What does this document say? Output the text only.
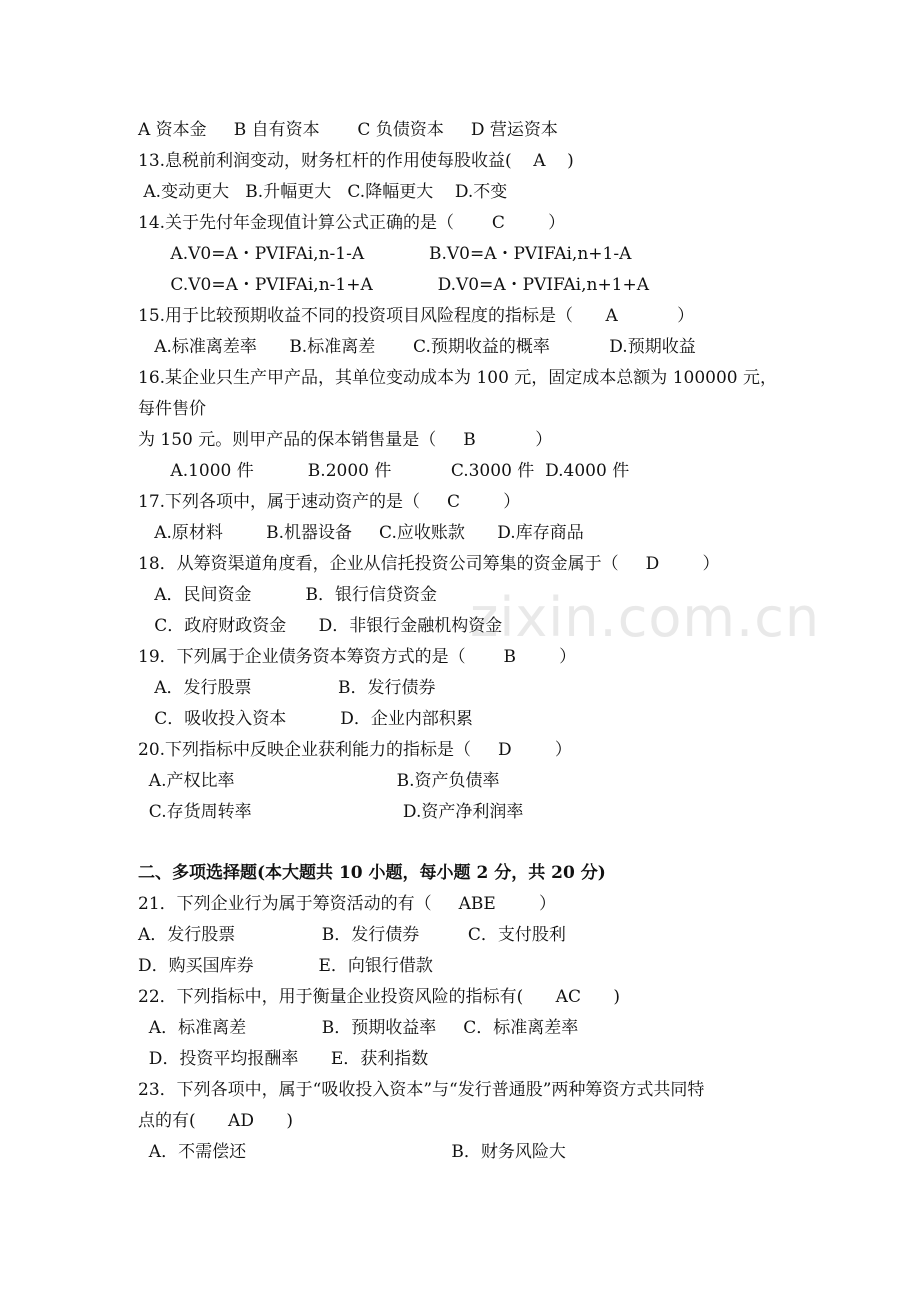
zixin.com.cn
A 资本金     B 自有资本       C 负债资本     D 营运资本
13.息税前利润变动，财务杠杆的作用使每股收益(    A    )
A.变动更大   B.升幅更大   C.降幅更大    D.不变
14.关于先付年金现值计算公式正确的是（       C        ）
A.V0=A・PVIFAi,n-1-A            B.V0=A・PVIFAi,n+1-A
C.V0=A・PVIFAi,n-1+A            D.V0=A・PVIFAi,n+1+A
15.用于比较预期收益不同的投资项目风险程度的指标是（      A           ）
A.标准离差率      B.标准离差       C.预期收益的概率           D.预期收益
16.某企业只生产甲产品，其单位变动成本为 100 元，固定成本总额为 100000 元，
每件售价
为 150 元。则甲产品的保本销售量是（     B           ）
A.1000 件          B.2000 件           C.3000 件  D.4000 件
17.下列各项中，属于速动资产的是（     C        ）
A.原材料        B.机器设备     C.应收账款      D.库存商品
18．从筹资渠道角度看，企业从信托投资公司筹集的资金属于（     D        ）
A．民间资金          B．银行信贷资金
C．政府财政资金      D．非银行金融机构资金
19．下列属于企业债务资本筹资方式的是（       B        ）
A．发行股票                B．发行债券
C．吸收投入资本          D．企业内部积累
20.下列指标中反映企业获利能力的指标是（     D        ）
A.产权比率                              B.资产负债率
C.存货周转率                            D.资产净利润率
二、多项选择题(本大题共 10 小题，每小题 2 分，共 20 分)
21．下列企业行为属于筹资活动的有（     ABE        ）
A．发行股票                B．发行债券         C．支付股利
D．购买国库券            E．向银行借款
22．下列指标中，用于衡量企业投资风险的指标有(      AC      )
A．标准离差              B．预期收益率     C．标准离差率
D．投资平均报酬率      E．获利指数
23．下列各项中，属于“吸收投入资本”与“发行普通股”两种筹资方式共同特
点的有(      AD      )
A．不需偿还                                      B．财务风险大
